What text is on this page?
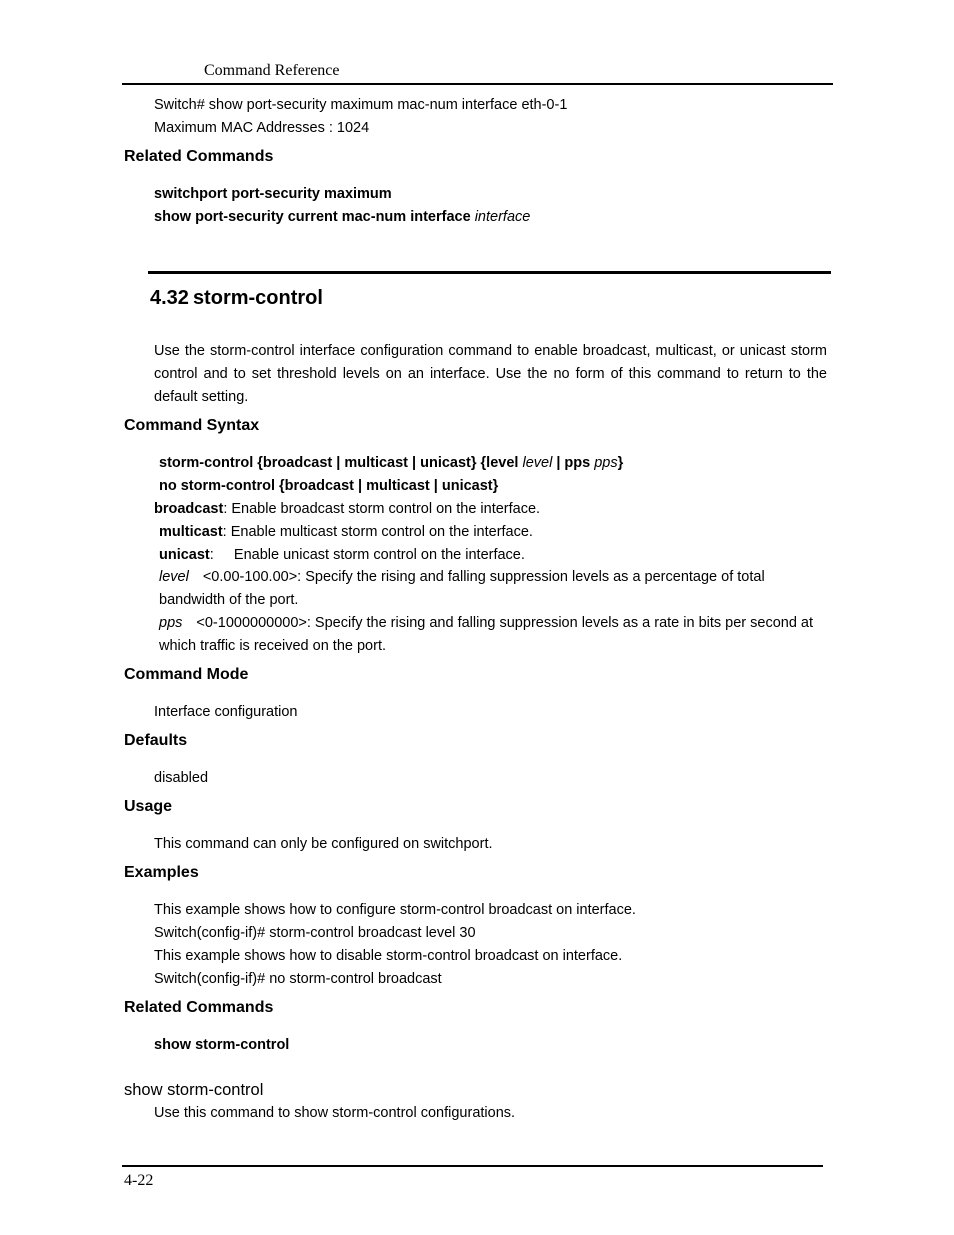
Command Reference
Switch# show port-security maximum mac-num interface eth-0-1
Maximum MAC Addresses : 1024
Related Commands
switchport port-security maximum
show port-security current mac-num interface interface
4.32 storm-control
Use the storm-control interface configuration command to enable broadcast, multicast, or unicast storm control and to set threshold levels on an interface. Use the no form of this command to return to the default setting.
Command Syntax
storm-control {broadcast | multicast | unicast} {level level | pps pps}
no storm-control {broadcast | multicast | unicast}
broadcast: Enable broadcast storm control on the interface.
multicast: Enable multicast storm control on the interface.
unicast:     Enable unicast storm control on the interface.
level <0.00-100.00>: Specify the rising and falling suppression levels as a percentage of total
bandwidth of the port.
pps <0-1000000000>: Specify the rising and falling suppression levels as a rate in bits per second at
which traffic is received on the port.
Command Mode
Interface configuration
Defaults
disabled
Usage
This command can only be configured on switchport.
Examples
This example shows how to configure storm-control broadcast on interface.
Switch(config-if)# storm-control broadcast level 30
This example shows how to disable storm-control broadcast on interface.
Switch(config-if)# no storm-control broadcast
Related Commands
show storm-control
show storm-control
Use this command to show storm-control configurations.
4-22
